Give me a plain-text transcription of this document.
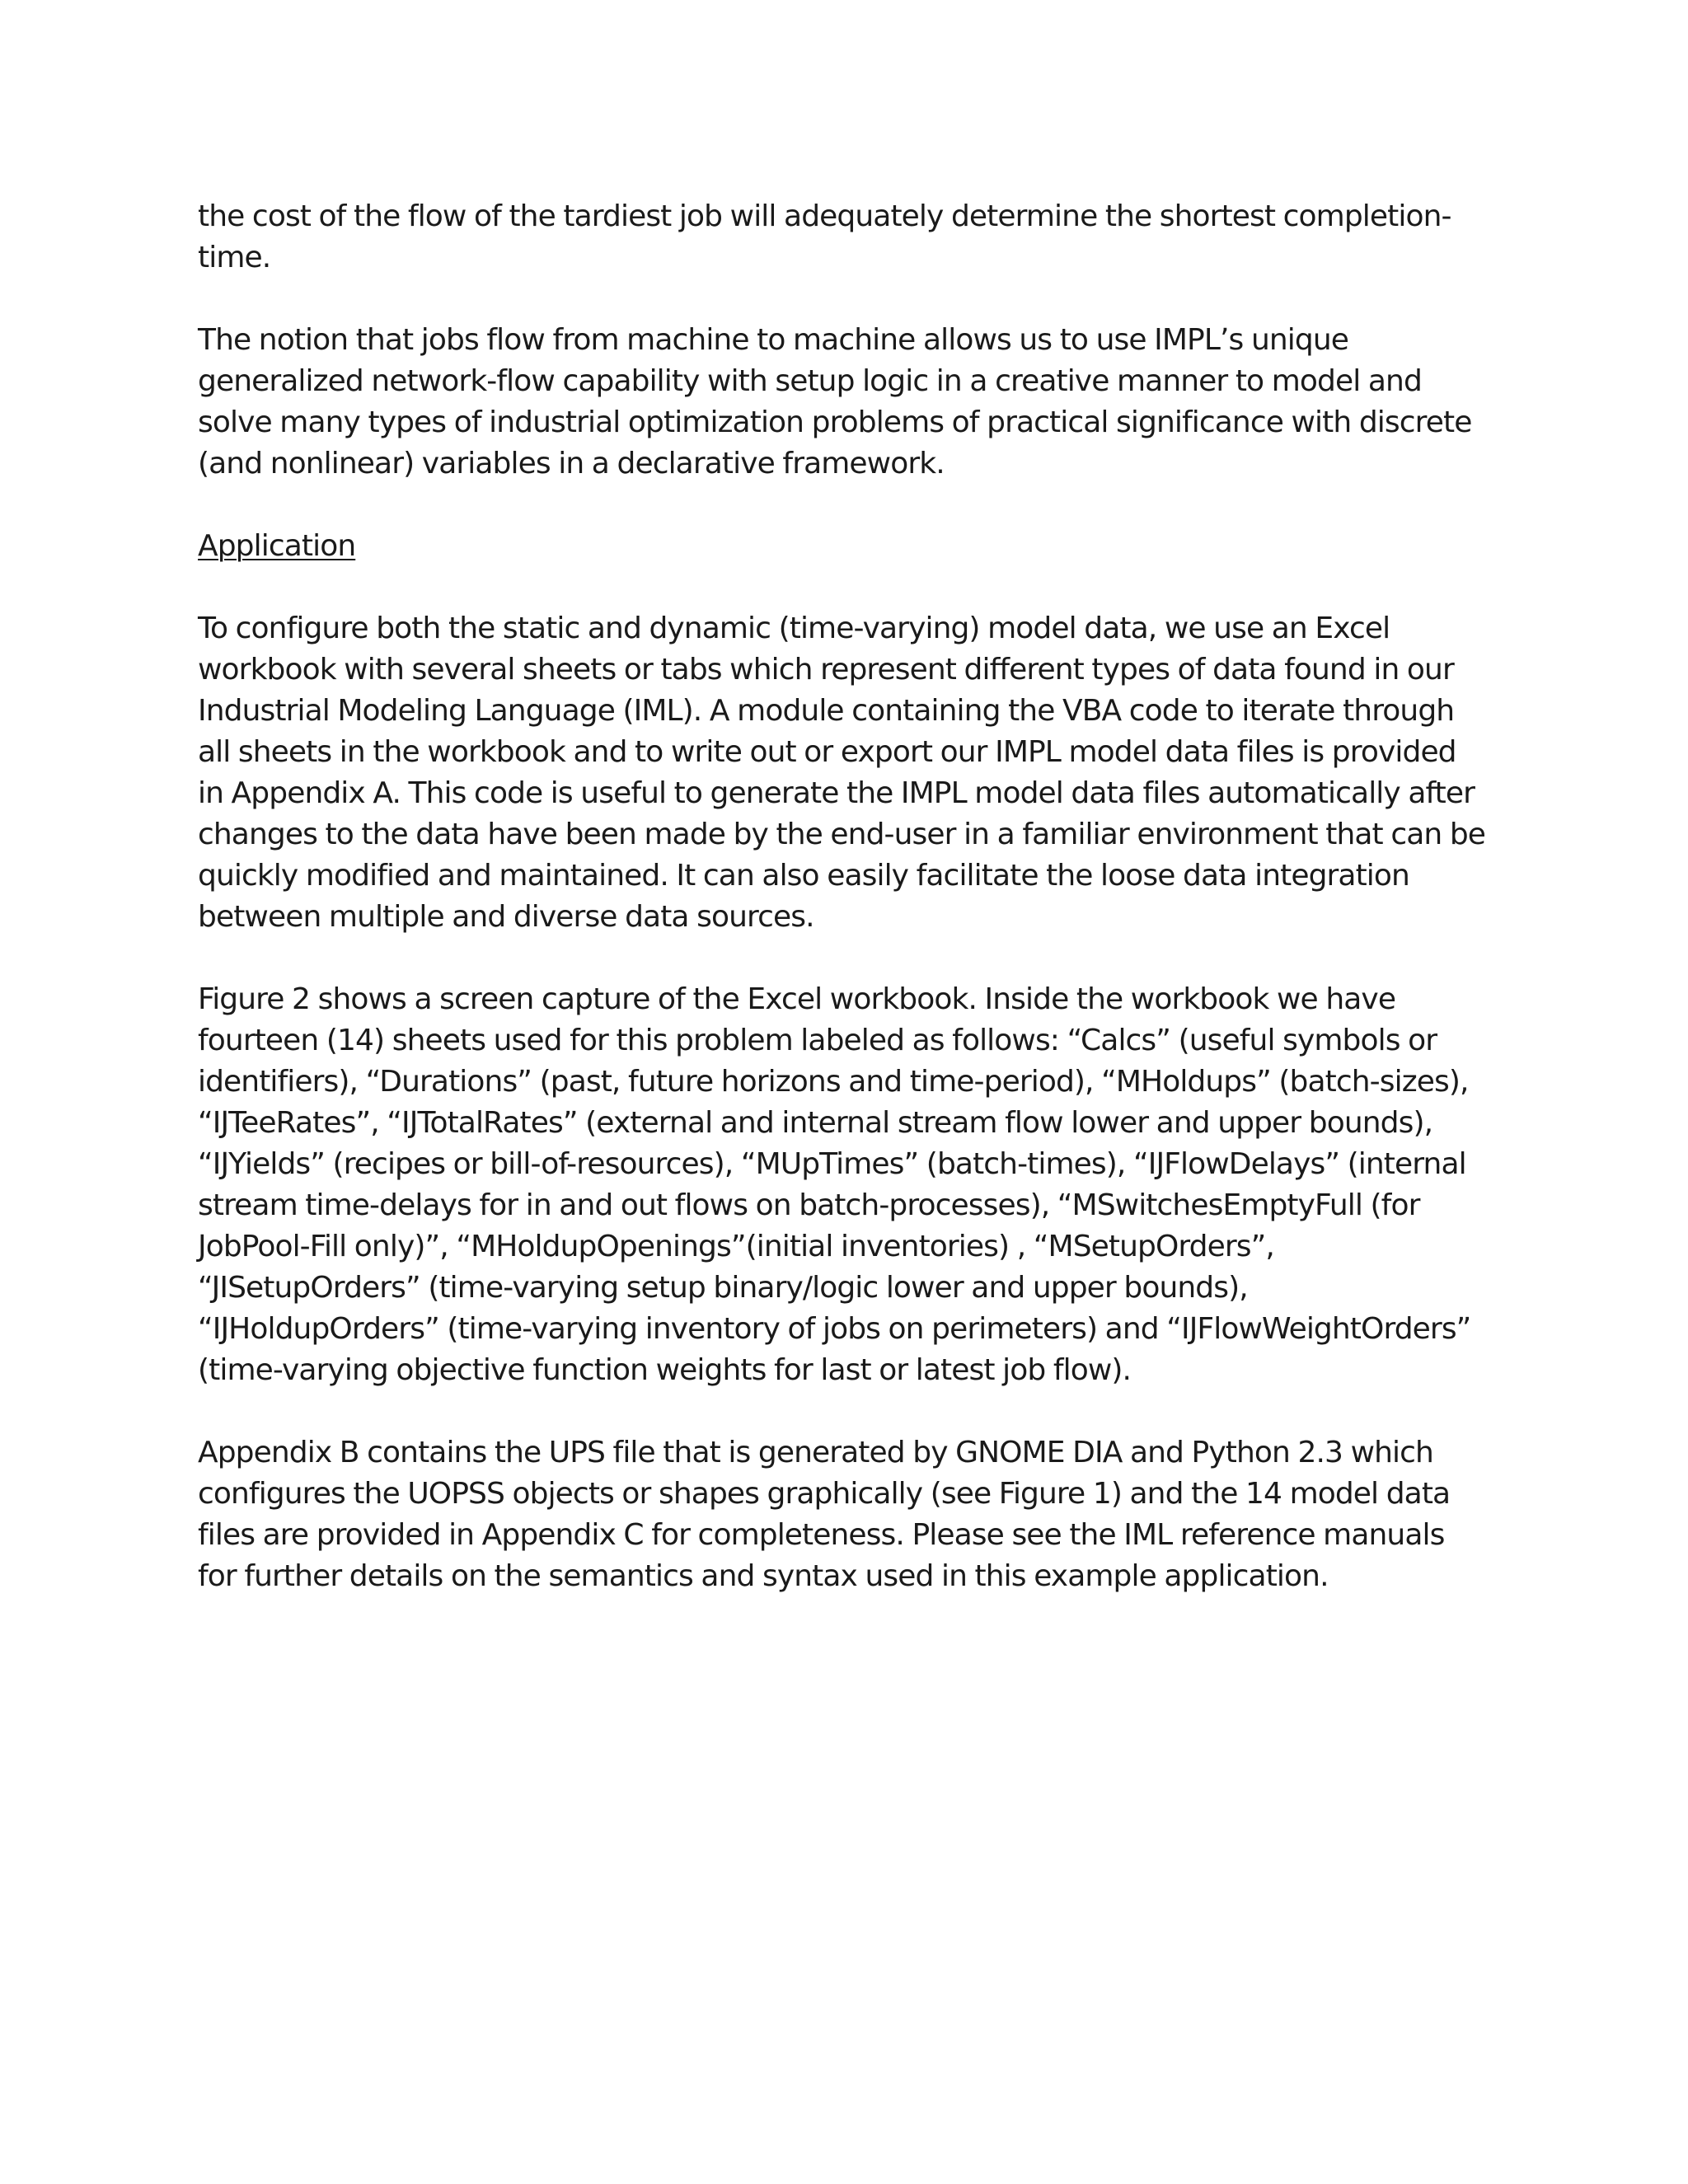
the cost of the flow of the tardiest job will adequately determine the shortest completion-
time.

The notion that jobs flow from machine to machine allows us to use IMPL’s unique
generalized network-flow capability with setup logic in a creative manner to model and
solve many types of industrial optimization problems of practical significance with discrete
(and nonlinear) variables in a declarative framework.

Application

To configure both the static and dynamic (time-varying) model data, we use an Excel
workbook with several sheets or tabs which represent different types of data found in our
Industrial Modeling Language (IML). A module containing the VBA code to iterate through
all sheets in the workbook and to write out or export our IMPL model data files is provided
in Appendix A. This code is useful to generate the IMPL model data files automatically after
changes to the data have been made by the end-user in a familiar environment that can be
quickly modified and maintained. It can also easily facilitate the loose data integration
between multiple and diverse data sources.

Figure 2 shows a screen capture of the Excel workbook. Inside the workbook we have
fourteen (14) sheets used for this problem labeled as follows: “Calcs” (useful symbols or
identifiers), “Durations” (past, future horizons and time-period), “MHoldups” (batch-sizes),
“IJTeeRates”, “IJTotalRates” (external and internal stream flow lower and upper bounds),
“IJYields” (recipes or bill-of-resources), “MUpTimes” (batch-times), “IJFlowDelays” (internal
stream time-delays for in and out flows on batch-processes), “MSwitchesEmptyFull (for
JobPool-Fill only)”, “MHoldupOpenings”(initial inventories) , “MSetupOrders”,
“JISetupOrders” (time-varying setup binary/logic lower and upper bounds),
“IJHoldupOrders” (time-varying inventory of jobs on perimeters) and “IJFlowWeightOrders”
(time-varying objective function weights for last or latest job flow).

Appendix B contains the UPS file that is generated by GNOME DIA and Python 2.3 which
configures the UOPSS objects or shapes graphically (see Figure 1) and the 14 model data
files are provided in Appendix C for completeness. Please see the IML reference manuals
for further details on the semantics and syntax used in this example application.
